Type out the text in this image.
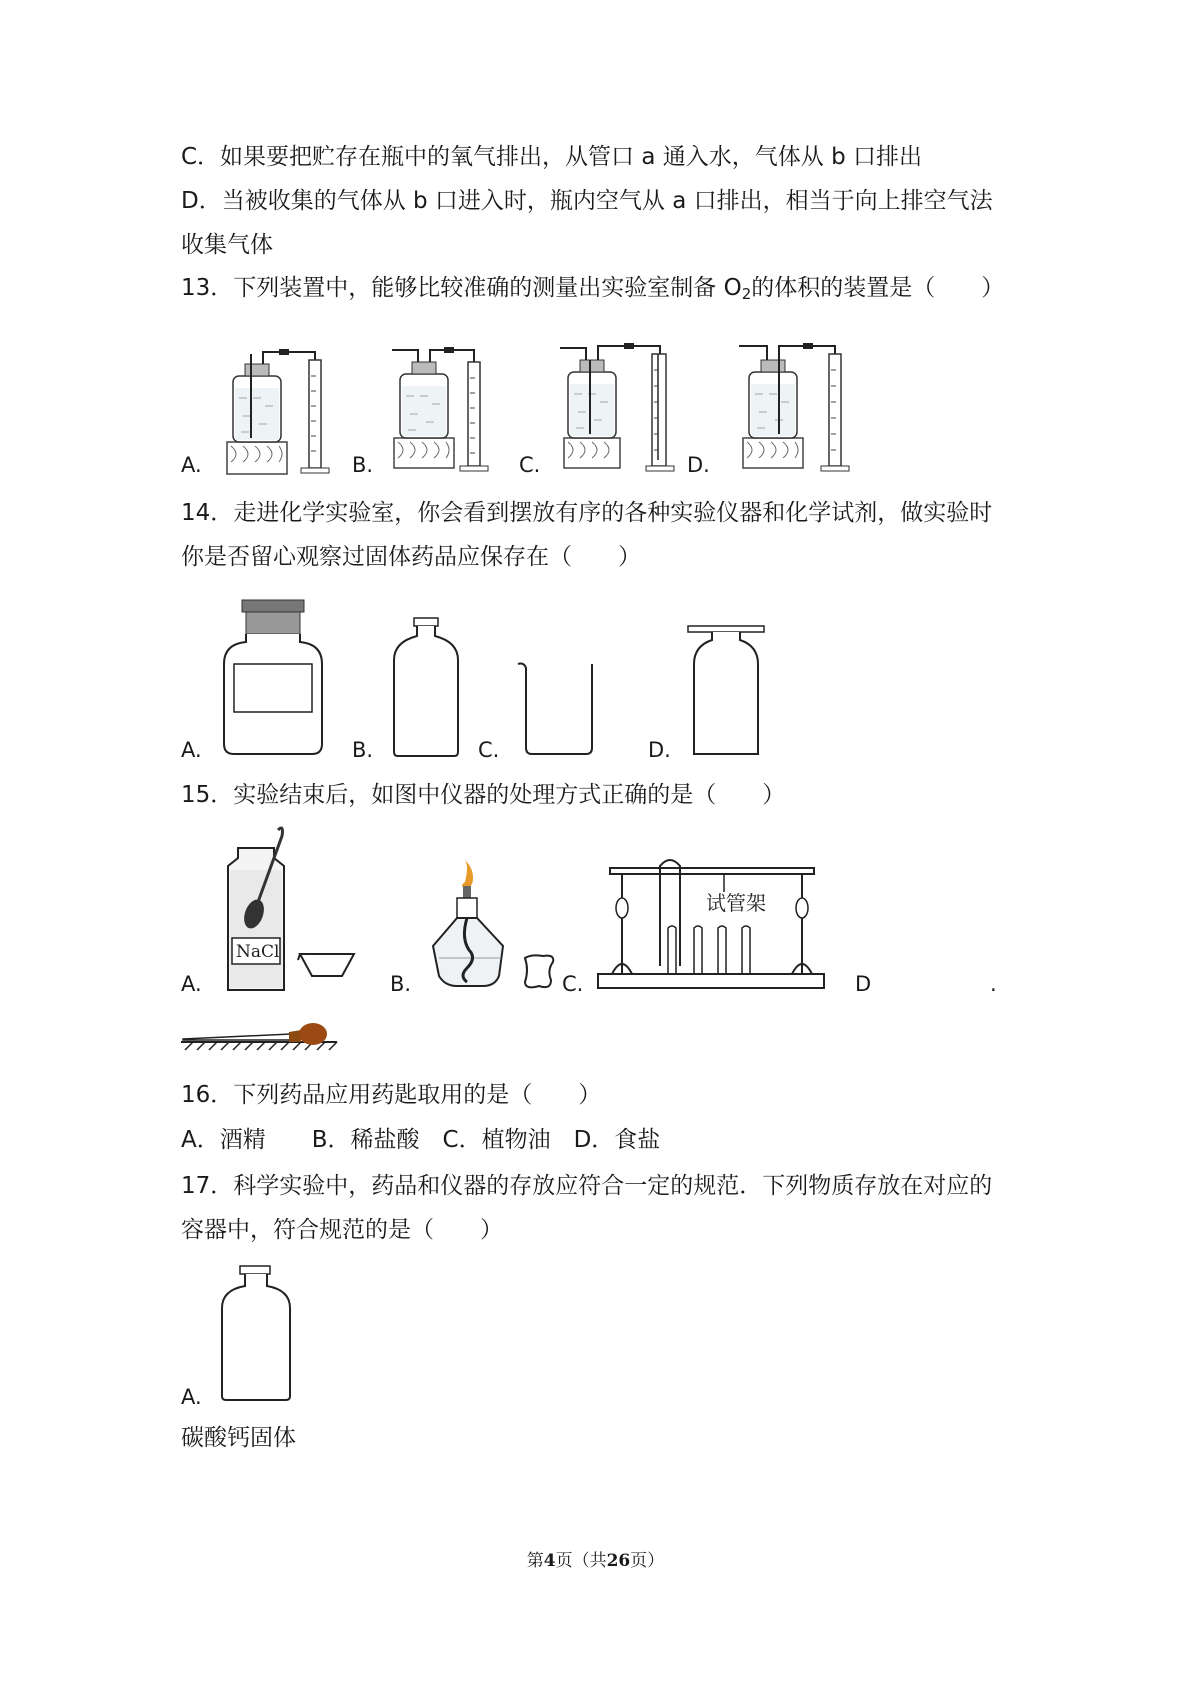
C．如果要把贮存在瓶中的氧气排出，从管口 a 通入水，气体从 b 口排出
D．当被收集的气体从 b 口进入时，瓶内空气从 a 口排出，相当于向上排空气法
收集气体
13．下列装置中，能够比较准确的测量出实验室制备 $O_2$的体积的装置是（　　）
A.	B.	C.	D.
14．走进化学实验室，你会看到摆放有序的各种实验仪器和化学试剂，做实验时
你是否留心观察过固体药品应保存在（　　）
A.	B.	C.	D.
15．实验结束后，如图中仪器的处理方式正确的是（　　）
A.	B.	C.	D	.
NaCl
试管架
16．下列药品应用药匙取用的是（　　）
A．酒精　　B．稀盐酸　C．植物油　D．食盐
17．科学实验中，药品和仪器的存放应符合一定的规范．下列物质存放在对应的
容器中，符合规范的是（　　）
A.
碳酸钙固体
第4页（共26页）
